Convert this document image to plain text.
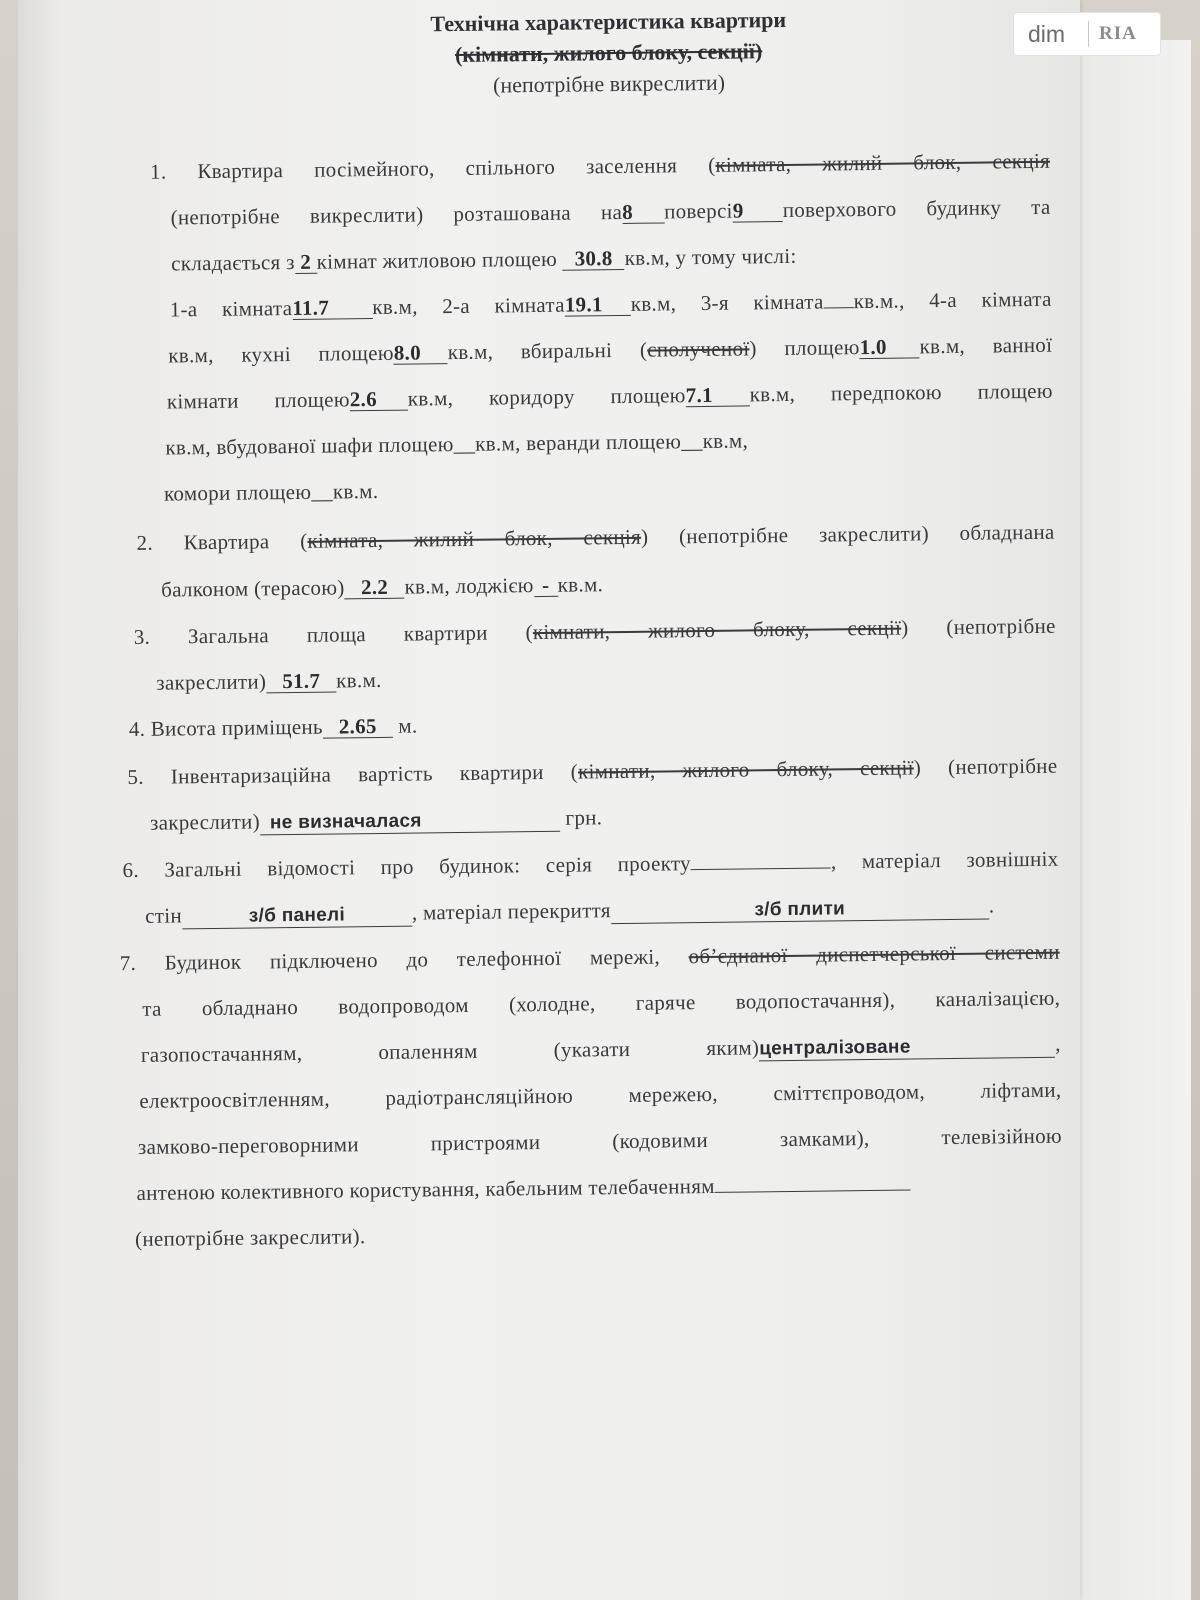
Технічна характеристика квартири
(кімнати, жилого блоку, секції)
(непотрібне викреслити)
1. Квартира посімейного, спільного заселення (кімната, жилий блок, секція
(непотрібне викреслити) розташована на8 поверсі9 поверхового будинку та
складається з 2 кімнат житловою площею 30.8 кв.м, у тому числі:
1-а кімната11.7 кв.м, 2-а кімната19.1 кв.м, 3-я кімната кв.м., 4-а кімната
кв.м, кухні площею8.0 кв.м, вбиральні (сполученої) площею1.0 кв.м, ванної
кімнати площею2.6 кв.м, коридору площею7.1 кв.м, передпокою площею
кв.м, вбудованої шафи площею__кв.м, веранди площею__кв.м,
комори площею__кв.м.
2. Квартира (кімната, жилий блок, секція) (непотрібне закреслити) обладнана
балконом (терасою) 2.2 кв.м, лоджією - кв.м.
3. Загальна площа квартири (кімнати, жилого блоку, секції) (непотрібне
закреслити) 51.7 кв.м.
4. Висота приміщень 2.65 м.
5. Інвентаризаційна вартість квартири (кімнати, жилого блоку, секції) (непотрібне
закреслити) не визначалася	грн.
6. Загальні відомості про будинок: серія проекту	, матеріал зовнішніх
стін	з/б панелі	, матеріал перекриття	з/б плити	.
7. Будинок підключено до телефонної мережі, об’єднаної диспетчерської системи
та обладнано водопроводом (холодне, гаряче водопостачання), каналізацією,
газопостачанням, опаленням (указати яким)централізоване	,
електроосвітленням, радіотрансляційною мережею, сміттєпроводом, ліфтами,
замково-переговорними пристроями (кодовими замками), телевізійною
антеною колективного користування, кабельним телебаченням
(непотрібне закреслити).
dim	RIA
